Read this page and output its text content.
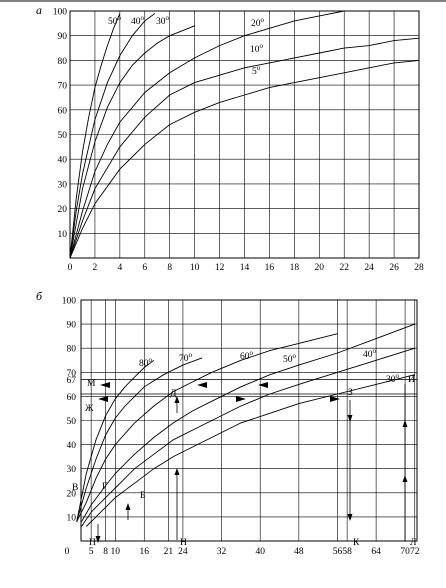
а
0 2 4 6 8 10 12 14 16 18 20 22 24 26 28
10
20
30
40
50
60
70
80
90
100
$50^о$ $40^о$ $30^о$
$20^о$
$10^о$
$5^о$
б
0 5 8 10 16 21 24	32	40	48	56 58 64 70 72
10
20
30
40
50
60
67
70
80
90
100
$80^о$	$70^о$	$60^о$
$50^о$	$40^о$
$30^о$
В Г
Б
П	Н
Д
М
Ж
З
К
И
Л
